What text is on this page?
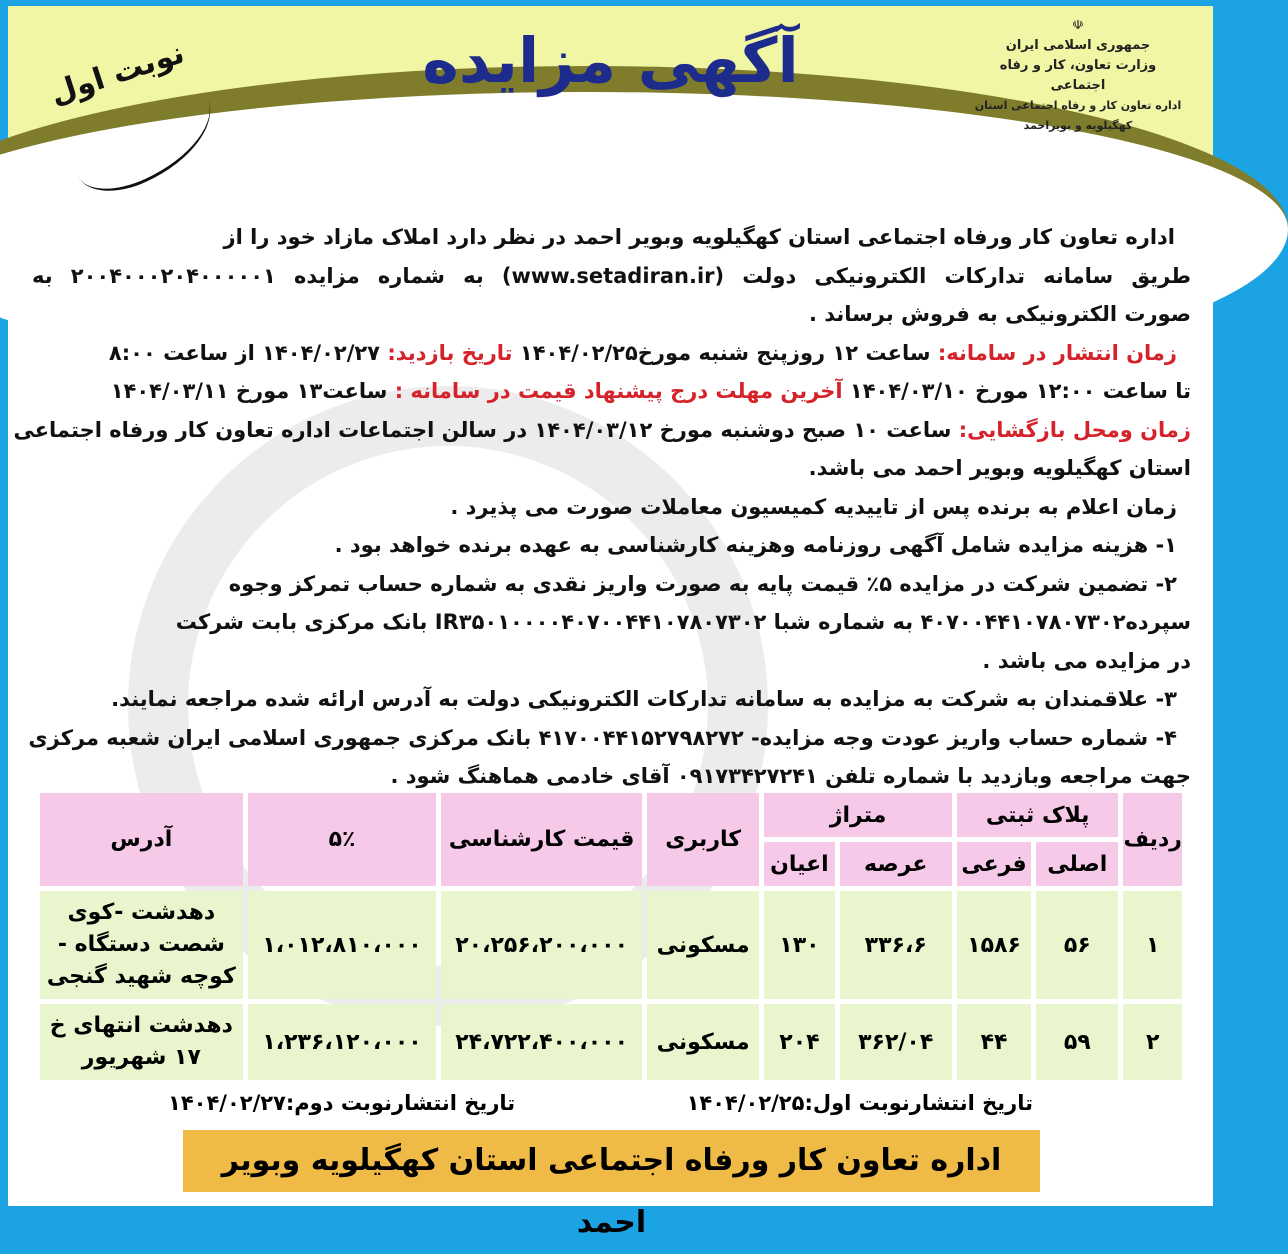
آگهی مزایده
نوبت اول
☫
جمهوری اسلامی ایران
وزارت تعاون، کار و رفاه اجتماعی
اداره تعاون کار و رفاه اجتماعی استان کهگیلویه و بویراحمد
اداره تعاون کار ورفاه اجتماعی استان کهگیلویه وبویر احمد در نظر دارد املاک مازاد خود را از
طریق سامانه تدارکات الکترونیکی دولت (www.setadiran.ir) به شماره مزایده ۲۰۰۴۰۰۰۲۰۴۰۰۰۰۰۱ به
صورت الکترونیکی به فروش برساند .
زمان انتشار در سامانه: ساعت ۱۲ روزپنج شنبه مورخ۱۴۰۴/۰۲/۲۵ تاریخ بازدید: ۱۴۰۴/۰۲/۲۷ از ساعت ۸:۰۰
تا ساعت ۱۲:۰۰ مورخ ۱۴۰۴/۰۳/۱۰ آخرین مهلت درج پیشنهاد قیمت در سامانه : ساعت۱۳ مورخ ۱۴۰۴/۰۳/۱۱
زمان ومحل بازگشایی: ساعت ۱۰ صبح دوشنبه مورخ ۱۴۰۴/۰۳/۱۲ در سالن اجتماعات اداره تعاون کار ورفاه اجتماعی
استان کهگیلویه وبویر احمد می باشد.
زمان اعلام به برنده پس از تاییدیه کمیسیون معاملات صورت می پذیرد .
۱- هزینه مزایده شامل آگهی روزنامه وهزینه کارشناسی به عهده برنده خواهد بود .
۲- تضمین شرکت در مزایده ۵٪ قیمت پایه به صورت واریز نقدی به شماره حساب تمرکز وجوه
سپرده۴۰۷۰۰۴۴۱۰۷۸۰۷۳۰۲ به شماره شبا IR۳۵۰۱۰۰۰۰۴۰۷۰۰۴۴۱۰۷۸۰۷۳۰۲ بانک مرکزی بابت شرکت
در مزایده می باشد .
۳- علاقمندان به شرکت به مزایده به سامانه تدارکات الکترونیکی دولت به آدرس ارائه شده مراجعه نمایند.
۴- شماره حساب واریز عودت وجه مزایده- ۴۱۷۰۰۴۴۱۵۲۷۹۸۲۷۲ بانک مرکزی جمهوری اسلامی ایران شعبه مرکزی
جهت مراجعه وبازدید با شماره تلفن ۰۹۱۷۳۴۲۷۲۴۱ آقای خادمی هماهنگ شود .
ردیف	پلاک ثبتی		متراژ		کاربری	قیمت کارشناسی	۵٪	آدرس
	اصلی	فرعی	عرصه	اعیان				
۱	۵۶	۱۵۸۶	۳۳۶،۶	۱۳۰	مسکونی	۲۰،۲۵۶،۲۰۰،۰۰۰	۱،۰۱۲،۸۱۰،۰۰۰	دهدشت -کوی شصت دستگاه - کوچه شهید گنجی
۲	۵۹	۴۴	۳۶۲/۰۴	۲۰۴	مسکونی	۲۴،۷۲۲،۴۰۰،۰۰۰	۱،۲۳۶،۱۲۰،۰۰۰	دهدشت انتهای خ ۱۷ شهریور
تاریخ انتشارنوبت اول:۱۴۰۴/۰۲/۲۵
تاریخ انتشارنوبت دوم:۱۴۰۴/۰۲/۲۷
اداره تعاون کار ورفاه اجتماعی استان کهگیلویه وبویر احمد
